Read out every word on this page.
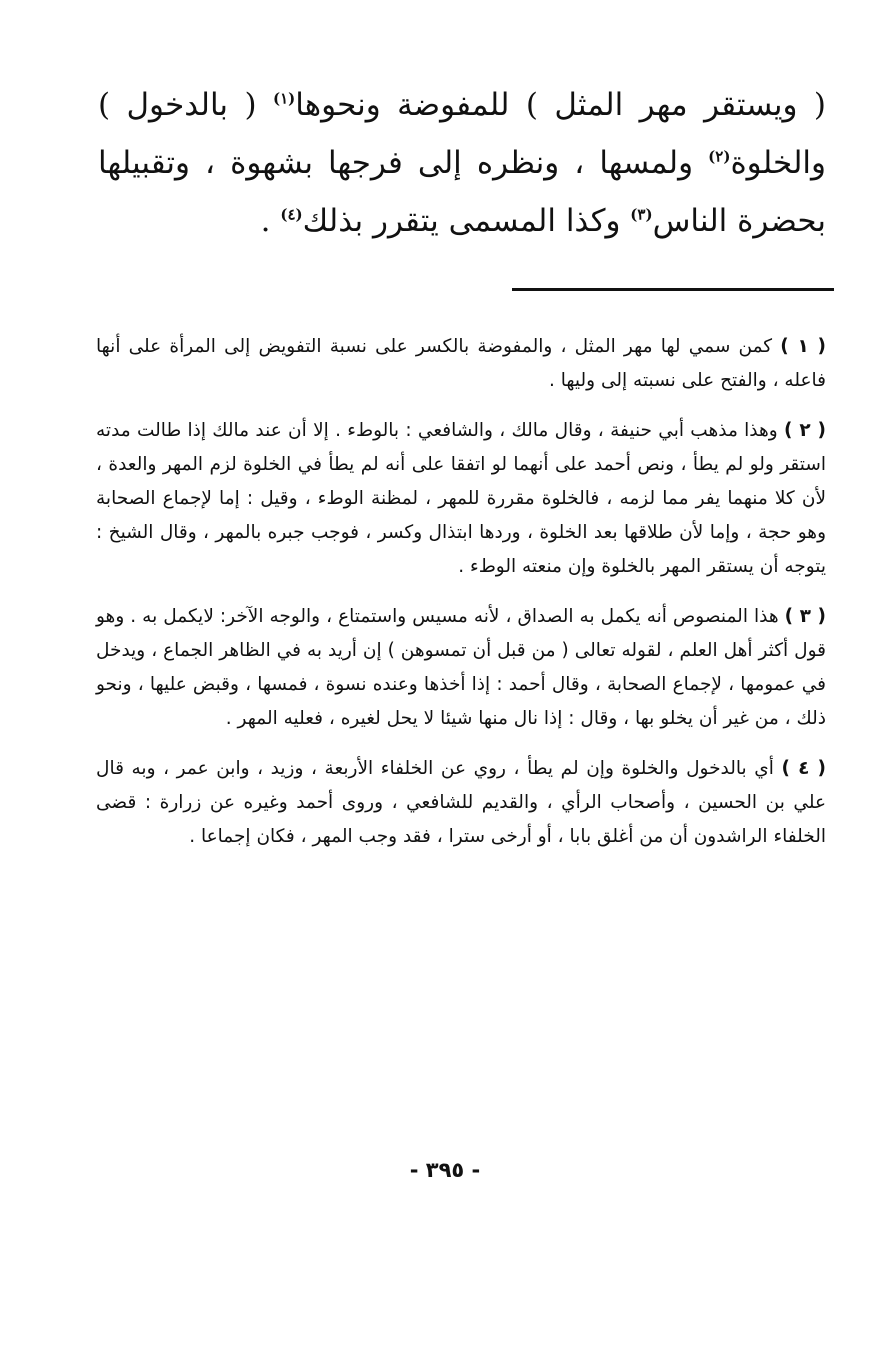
( ويستقر مهر المثل ) للمفوضة ونحوها$^{(١)}$ ( بالدخول ) والخلوة$^{(٢)}$ ولمسها ، ونظره إلى فرجها بشهوة ، وتقبيلها بحضرة الناس$^{(٣)}$ وكذا المسمى يتقرر بذلك$^{(٤)}$ .

( ١ ) كمن سمي لها مهر المثل ، والمفوضة بالكسر على نسبة التفويض إلى المرأة على أنها فاعله ، والفتح على نسبته إلى وليها .

( ٢ ) وهذا مذهب أبي حنيفة ، وقال مالك ، والشافعي : بالوطء . إلا أن عند مالك إذا طالت مدته استقر ولو لم يطأ ، ونص أحمد على أنهما لو اتفقا على أنه لم يطأ في الخلوة لزم المهر والعدة ، لأن كلا منهما يفر مما لزمه ، فالخلوة مقررة للمهر ، لمظنة الوطء ، وقيل : إما لإجماع الصحابة وهو حجة ، وإما لأن طلاقها بعد الخلوة ، وردها ابتذال وكسر ، فوجب جبره بالمهر ، وقال الشيخ : يتوجه أن يستقر المهر بالخلوة وإن منعته الوطء .

( ٣ ) هذا المنصوص أنه يكمل به الصداق ، لأنه مسيس واستمتاع ، والوجه الآخر: لايكمل به . وهو قول أكثر أهل العلم ، لقوله تعالى ( من قبل أن تمسوهن ) إن أريد به في الظاهر الجماع ، ويدخل في عمومها ، لإجماع الصحابة ، وقال أحمد : إذا أخذها وعنده نسوة ، فمسها ، وقبض عليها ، ونحو ذلك ، من غير أن يخلو بها ، وقال : إذا نال منها شيئا لا يحل لغيره ، فعليه المهر .

( ٤ ) أي بالدخول والخلوة وإن لم يطأ ، روي عن الخلفاء الأربعة ، وزيد ، وابن عمر ، وبه قال علي بن الحسين ، وأصحاب الرأي ، والقديم للشافعي ، وروى أحمد وغيره عن زرارة : قضى الخلفاء الراشدون أن من أغلق بابا ، أو أرخى سترا ، فقد وجب المهر ، فكان إجماعا .

- ٣٩٥ -
